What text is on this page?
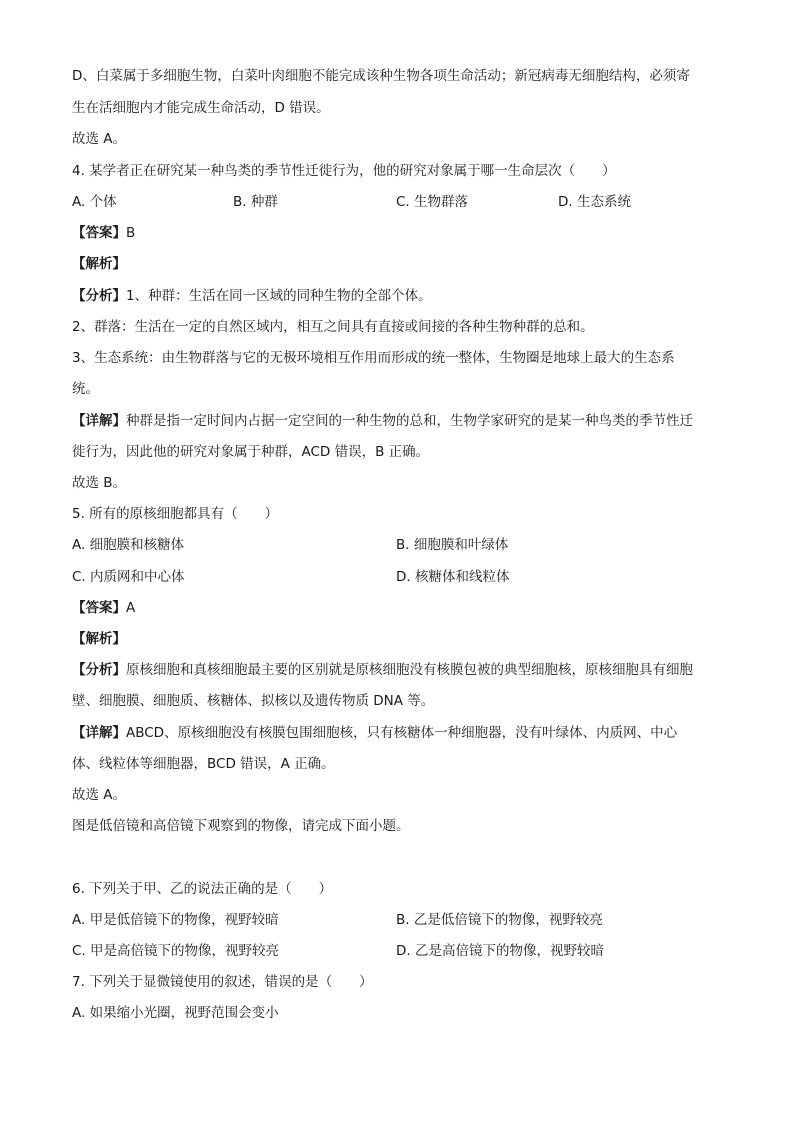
D、白菜属于多细胞生物，白菜叶肉细胞不能完成该种生物各项生命活动；新冠病毒无细胞结构，必须寄
生在活细胞内才能完成生命活动，D 错误。
故选 A。
4. 某学者正在研究某一种鸟类的季节性迁徙行为，他的研究对象属于哪一生命层次（　　）
A. 个体	B. 种群	C. 生物群落	D. 生态系统
【答案】B
【解析】
【分析】1、种群：生活在同一区域的同种生物的全部个体。
2、群落：生活在一定的自然区域内，相互之间具有直接或间接的各种生物种群的总和。
3、生态系统：由生物群落与它的无极环境相互作用而形成的统一整体，生物圈是地球上最大的生态系
统。
【详解】种群是指一定时间内占据一定空间的一种生物的总和，生物学家研究的是某一种鸟类的季节性迁
徙行为，因此他的研究对象属于种群，ACD 错误，B 正确。
故选 B。
5. 所有的原核细胞都具有（　　）
A. 细胞膜和核糖体	B. 细胞膜和叶绿体
C. 内质网和中心体	D. 核糖体和线粒体
【答案】A
【解析】
【分析】原核细胞和真核细胞最主要的区别就是原核细胞没有核膜包被的典型细胞核，原核细胞具有细胞
壁、细胞膜、细胞质、核糖体、拟核以及遗传物质 DNA 等。
【详解】ABCD、原核细胞没有核膜包围细胞核，只有核糖体一种细胞器，没有叶绿体、内质网、中心
体、线粒体等细胞器，BCD 错误，A 正确。
故选 A。
图是低倍镜和高倍镜下观察到的物像，请完成下面小题。
6. 下列关于甲、乙的说法正确的是（　　）
A. 甲是低倍镜下的物像，视野较暗	B. 乙是低倍镜下的物像，视野较亮
C. 甲是高倍镜下的物像，视野较亮	D. 乙是高倍镜下的物像，视野较暗
7. 下列关于显微镜使用的叙述，错误的是（　　）
A. 如果缩小光圈，视野范围会变小
